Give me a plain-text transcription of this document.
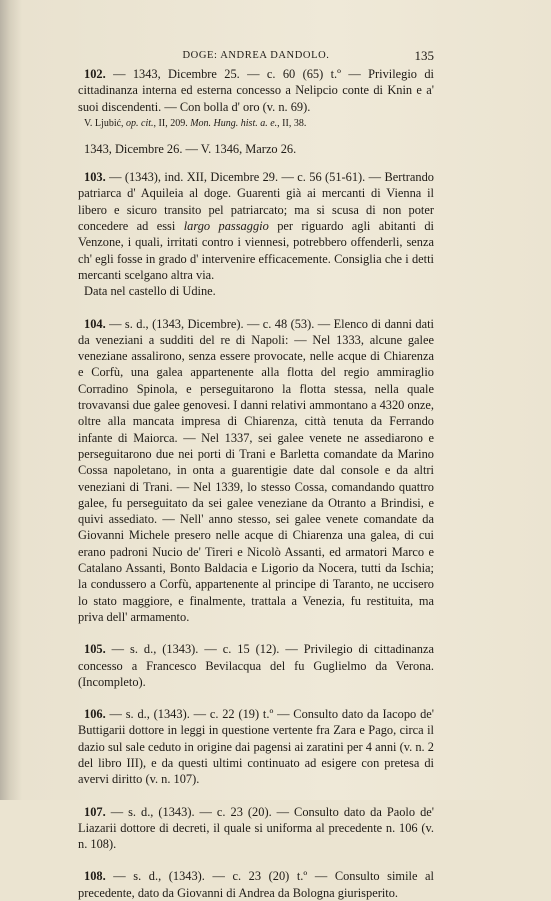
DOGE: ANDREA DANDOLO.	135

102. — 1343, Dicembre 25. — c. 60 (65) t.º — Privilegio di cittadinanza interna ed esterna concesso a Nelipcio conte di Knin e a' suoi discendenti. — Con bolla d' oro (v. n. 69).

V. Ljubić, op. cit., II, 209. Mon. Hung. hist. a. e., II, 38.

1343, Dicembre 26. — V. 1346, Marzo 26.

103. — (1343), ind. XII, Dicembre 29. — c. 56 (51-61). — Bertrando patriarca d' Aquileia al doge. Guarenti già ai mercanti di Vienna il libero e sicuro transito pel patriarcato; ma si scusa di non poter concedere ad essi largo passaggio per riguardo agli abitanti di Venzone, i quali, irritati contro i viennesi, potrebbero offenderli, senza ch' egli fosse in grado d' intervenire efficacemente. Consiglia che i detti mercanti scelgano altra via.

Data nel castello di Udine.

104. — s. d., (1343, Dicembre). — c. 48 (53). — Elenco di danni dati da veneziani a sudditi del re di Napoli: — Nel 1333, alcune galee veneziane assalirono, senza essere provocate, nelle acque di Chiarenza e Corfù, una galea appartenente alla flotta del regio ammiraglio Corradino Spinola, e perseguitarono la flotta stessa, nella quale trovavansi due galee genovesi. I danni relativi ammontano a 4320 onze, oltre alla mancata impresa di Chiarenza, città tenuta da Ferrando infante di Maiorca. — Nel 1337, sei galee venete ne assediarono e perseguitarono due nei porti di Trani e Barletta comandate da Marino Cossa napoletano, in onta a guarentigie date dal console e da altri veneziani di Trani. — Nel 1339, lo stesso Cossa, comandando quattro galee, fu perseguitato da sei galee veneziane da Otranto a Brindisi, e quivi assediato. — Nell' anno stesso, sei galee venete comandate da Giovanni Michele presero nelle acque di Chiarenza una galea, di cui erano padroni Nucio de' Tireri e Nicolò Assanti, ed armatori Marco e Catalano Assanti, Bonto Baldacia e Ligorio da Nocera, tutti da Ischia; la condussero a Corfù, appartenente al principe di Taranto, ne uccisero lo stato maggiore, e finalmente, trattala a Venezia, fu restituita, ma priva dell' armamento.

105. — s. d., (1343). — c. 15 (12). — Privilegio di cittadinanza concesso a Francesco Bevilacqua del fu Guglielmo da Verona. (Incompleto).

106. — s. d., (1343). — c. 22 (19) t.º — Consulto dato da Iacopo de' Buttigarii dottore in leggi in questione vertente fra Zara e Pago, circa il dazio sul sale ceduto in origine dai pagensi ai zaratini per 4 anni (v. n. 2 del libro III), e da questi ultimi continuato ad esigere con pretesa di avervi diritto (v. n. 107).

107. — s. d., (1343). — c. 23 (20). — Consulto dato da Paolo de' Liazarii dottore di decreti, il quale si uniforma al precedente n. 106 (v. n. 108).

108. — s. d., (1343). — c. 23 (20) t.º — Consulto simile al precedente, dato da Giovanni di Andrea da Bologna giurisperito.
